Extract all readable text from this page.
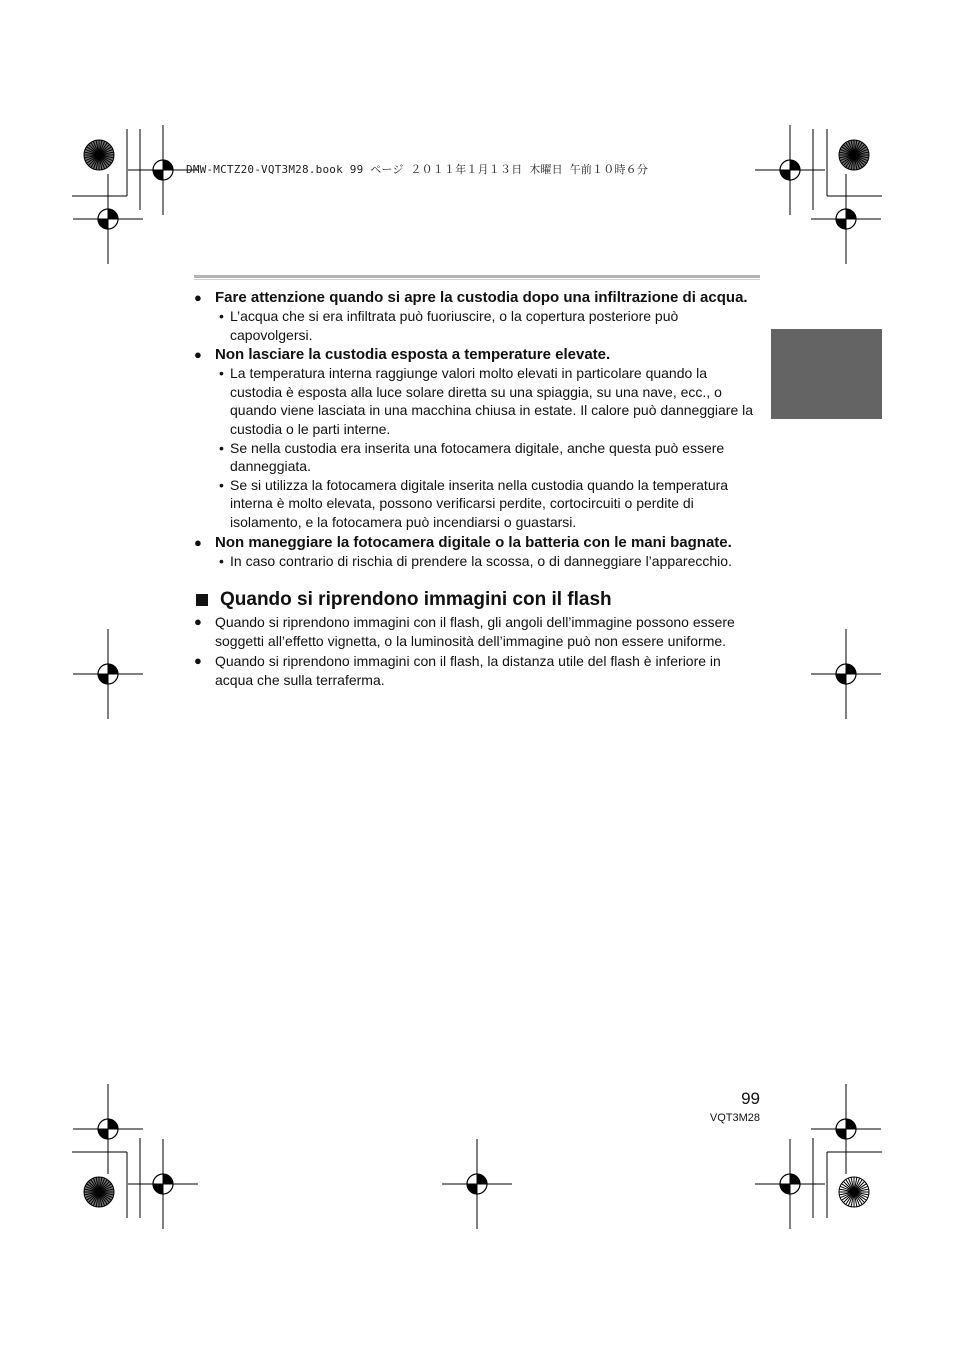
DMW-MCTZ20-VQT3M28.book 99 ページ ２０１１年１月１３日 木曜日 午前１０時６分
● Fare attenzione quando si apre la custodia dopo una infiltrazione di acqua.
• L’acqua che si era infiltrata può fuoriuscire, o la copertura posteriore può capovolgersi.
● Non lasciare la custodia esposta a temperature elevate.
• La temperatura interna raggiunge valori molto elevati in particolare quando la custodia è esposta alla luce solare diretta su una spiaggia, su una nave, ecc., o quando viene lasciata in una macchina chiusa in estate. Il calore può danneggiare la custodia o le parti interne.
• Se nella custodia era inserita una fotocamera digitale, anche questa può essere danneggiata.
• Se si utilizza la fotocamera digitale inserita nella custodia quando la temperatura interna è molto elevata, possono verificarsi perdite, cortocircuiti o perdite di isolamento, e la fotocamera può incendiarsi o guastarsi.
● Non maneggiare la fotocamera digitale o la batteria con le mani bagnate.
• In caso contrario di rischia di prendere la scossa, o di danneggiare l’apparecchio.
Quando si riprendono immagini con il flash
● Quando si riprendono immagini con il flash, gli angoli dell’immagine possono essere soggetti all’effetto vignetta, o la luminosità dell’immagine può non essere uniforme.
● Quando si riprendono immagini con il flash, la distanza utile del flash è inferiore in acqua che sulla terraferma.
99
VQT3M28
